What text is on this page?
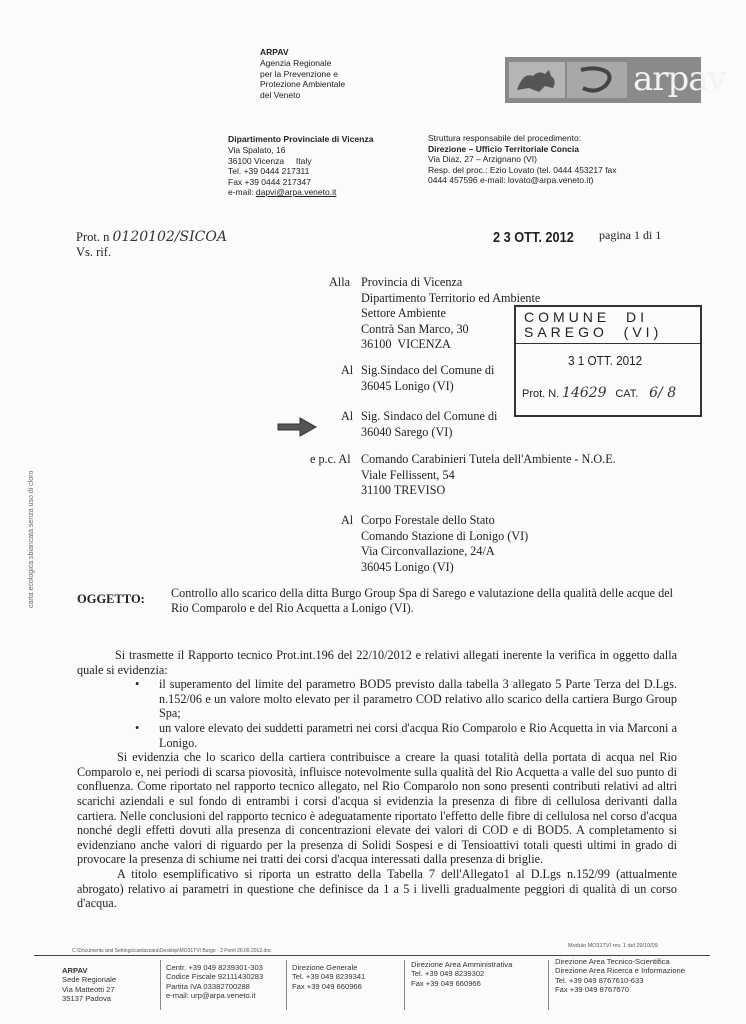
ARPAV
Agenzia Regionale
per la Prevenzione e
Protezione Ambientale
del Veneto	arpav
Dipartimento Provinciale di Vicenza
Via Spalato, 16
36100 Vicenza     Italy
Tel. +39 0444 217311
Fax +39 0444 217347
e-mail: dapvi@arpa.veneto.it
Struttura responsabile del procedimento:
Direzione – Ufficio Territoriale Concia
Via Diaz, 27 – Arzignano (VI)
Resp. del proc.: Ezio Lovato (tel. 0444 453217 fax
0444 457596 e-mail: lovato@arpa.veneto.it)
Prot. n 0120102/SICOA
Vs. rif.
2 3 OTT. 2012 pagina 1 di 1
Alla Provincia di Vicenza
Dipartimento Territorio ed Ambiente
Settore Ambiente
Contrà San Marco, 30
36100  VICENZA
Al Sig.Sindaco del Comune di
36045 Lonigo (VI)
Al Sig. Sindaco del Comune di
36040 Sarego (VI)
e p.c. Al Comando Carabinieri Tutela dell'Ambiente - N.O.E.
Viale Fellissent, 54
31100 TREVISO
Al Corpo Forestale dello Stato
Comando Stazione di Lonigo (VI)
Via Circonvallazione, 24/A
36045 Lonigo (VI)
COMUNE  DI
SAREGO  (VI)
3 1 OTT. 2012
Prot. N. 14629 CAT. 6/ 8
carta ecologica sbiancata senza uso di cloro	OGGETTO: Controllo allo scarico della ditta Burgo Group Spa di Sarego e valutazione della qualità delle acque del Rio Comparolo e del Rio Acquetta a Lonigo (VI).
Si trasmette il Rapporto tecnico Prot.int.196 del 22/10/2012 e relativi allegati inerente la verifica in oggetto dalla quale si evidenzia:
• il superamento del limite del parametro BOD5 previsto dalla tabella 3 allegato 5 Parte Terza del D.Lgs. n.152/06 e un valore molto elevato per il parametro COD relativo allo scarico della cartiera Burgo Group Spa;
• un valore elevato dei suddetti parametri nei corsi d'acqua Rio Comparolo e Rio Acquetta in via Marconi a Lonigo.
Si evidenzia che lo scarico della cartiera contribuisce a creare la quasi totalità della portata di acqua nel Rio Comparolo e, nei periodi di scarsa piovosità, influisce notevolmente sulla qualità del Rio Acquetta a valle del suo punto di confluenza. Come riportato nel rapporto tecnico allegato, nel Rio Comparolo non sono presenti contributi relativi ad altri scarichi aziendali e sul fondo di entrambi i corsi d'acqua si evidenzia la presenza di fibre di cellulosa derivanti dalla cartiera. Nelle conclusioni del rapporto tecnico è adeguatamente riportato l'effetto delle fibre di cellulosa nel corso d'acqua nonché degli effetti dovuti alla presenza di concentrazioni elevate dei valori di COD e di BOD5. A completamento si evidenziano anche valori di riguardo per la presenza di Solidi Sospesi e di Tensioattivi totali questi ultimi in grado di provocare la presenza di schiume nei tratti dei corsi d'acqua interessati dalla presenza di briglie.
A titolo esemplificativo si riporta un estratto della Tabella 7 dell'Allegato1 al D.Lgs n.152/99 (attualmente abrogato) relativo ai parametri in questione che definisce da 1 a 5 i livelli gradualmente peggiori di qualità di un corso d'acqua.
C:\Documents and Settings\canlazzara\Desktop\MO31TVI Burgo - 2 Ponti 26.09.2012.doc
Modulo MO31TVI rev. 1 del 29/10/09
ARPAV
Sede Regionale
Via Matteotti 27
35137 Padova
Centr. +39 049 8239301-303
Codice Fiscale 92111430283
Partita IVA 03382700288
e-mail: urp@arpa.veneto.it
Direzione Generale
Tel. +39 049 8239341
Fax +39 049 660966
Direzione Area Amministrativa
Tel. +39 049 8239302
Fax +39 049 660966
Direzione Area Tecnico-Scientifica
Direzione Area Ricerca e Informazione
Tel. +39 049 8767610-633
Fax +39 049 8767670
